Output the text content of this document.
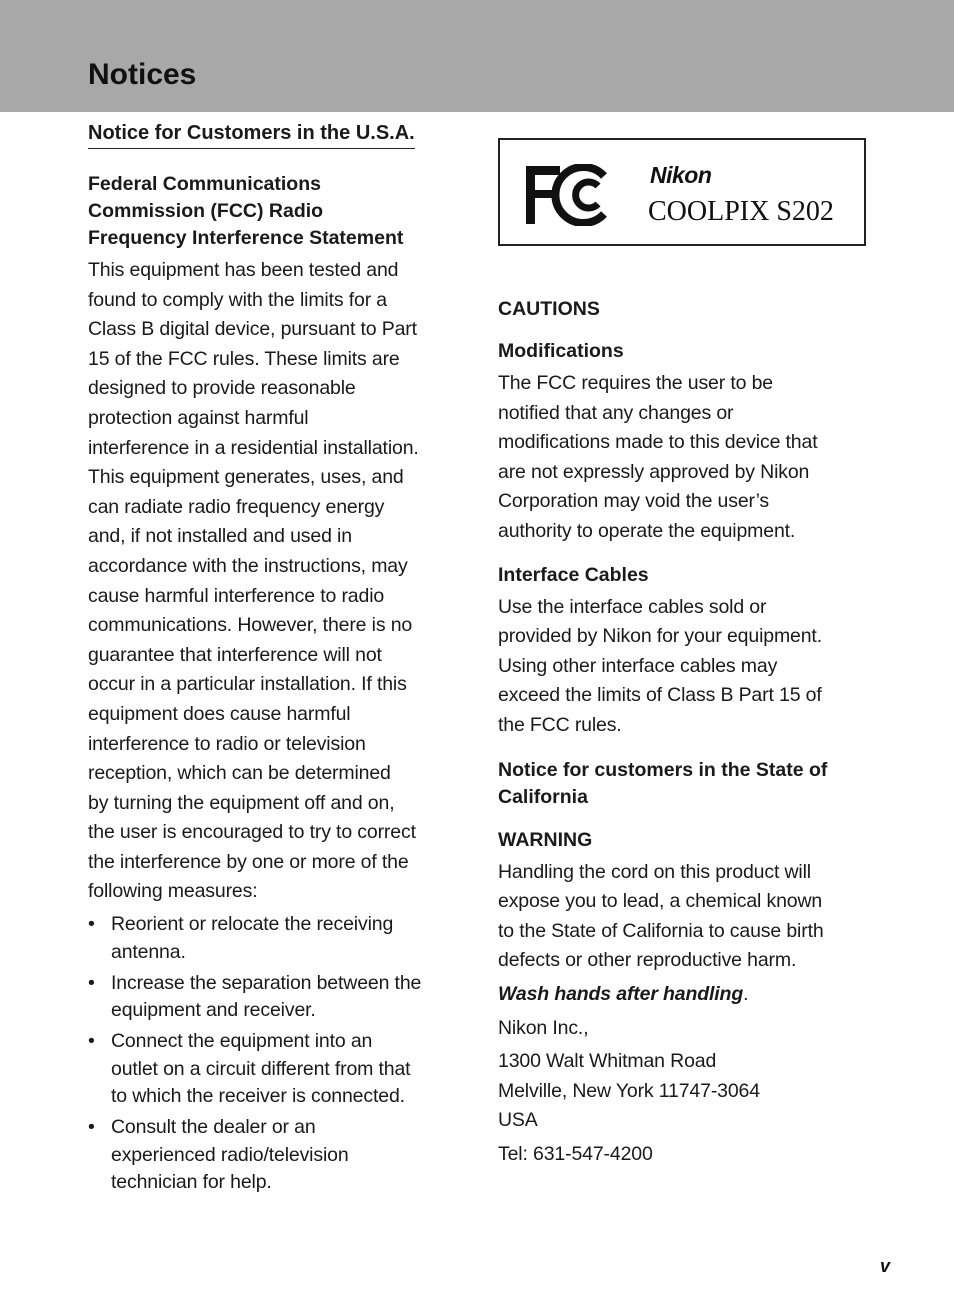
Notices
Notice for Customers in the U.S.A.

Federal Communications

Commission (FCC) Radio

Frequency Interference Statement

This equipment has been tested and

found to comply with the limits for a

Class B digital device, pursuant to Part

15 of the FCC rules. These limits are

designed to provide reasonable

protection against harmful

interference in a residential installation.

This equipment generates, uses, and

can radiate radio frequency energy

and, if not installed and used in

accordance with the instructions, may

cause harmful interference to radio

communications. However, there is no

guarantee that interference will not

occur in a particular installation. If this

equipment does cause harmful

interference to radio or television

reception, which can be determined

by turning the equipment off and on,

the user is encouraged to try to correct

the interference by one or more of the

following measures:

• Reorient or relocate the receiving
antenna.
• Increase the separation between the
equipment and receiver.
• Connect the equipment into an
outlet on a circuit different from that
to which the receiver is connected.
• Consult the dealer or an
experienced radio/television
technician for help.
Nikon
COOLPIX S202

CAUTIONS

Modifications

The FCC requires the user to be

notified that any changes or

modifications made to this device that

are not expressly approved by Nikon

Corporation may void the user’s

authority to operate the equipment.

Interface Cables

Use the interface cables sold or

provided by Nikon for your equipment.

Using other interface cables may

exceed the limits of Class B Part 15 of

the FCC rules.

Notice for customers in the State of

California

WARNING

Handling the cord on this product will

expose you to lead, a chemical known

to the State of California to cause birth

defects or other reproductive harm.

Wash hands after handling.

Nikon Inc.,

1300 Walt Whitman Road

Melville, New York 11747-3064

USA

Tel: 631-547-4200

v
